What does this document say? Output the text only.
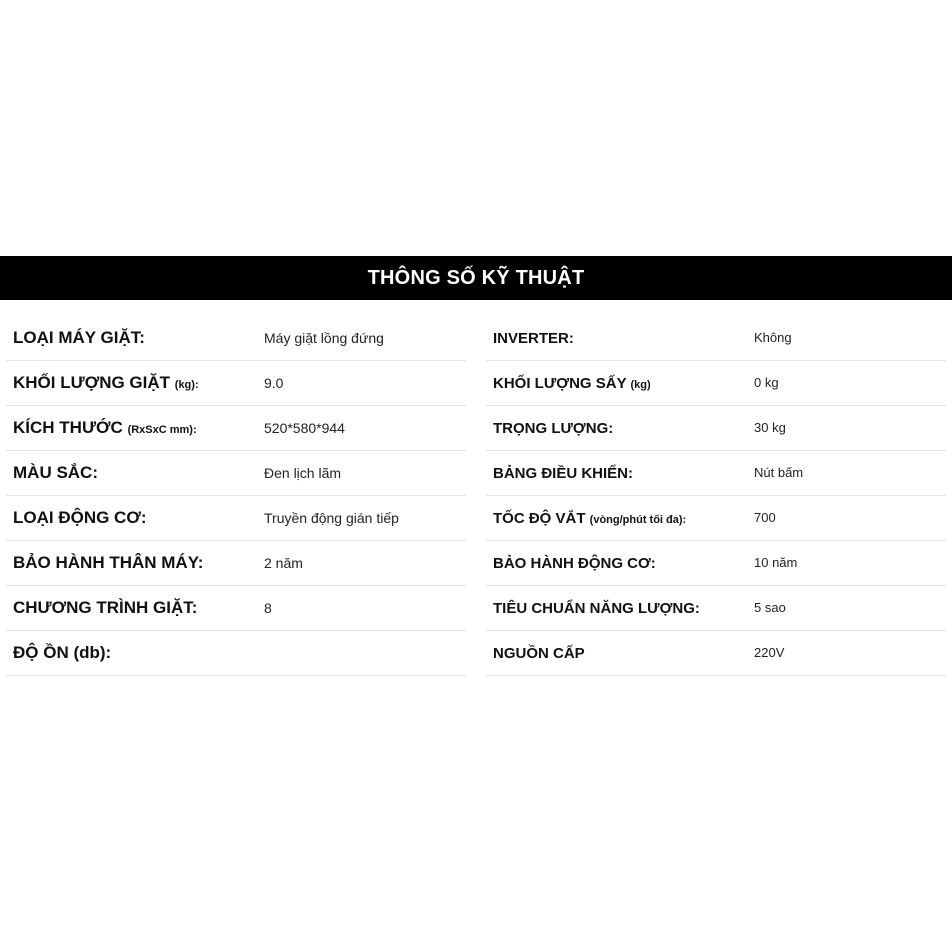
THÔNG SỐ KỸ THUẬT
LOẠI MÁY GIẶT:	Máy giặt lồng đứng
KHỐI LƯỢNG GIẶT (kg):	9.0
KÍCH THƯỚC (RxSxC mm):	520*580*944
MÀU SẮC:	Đen lịch lãm
LOẠI ĐỘNG CƠ:	Truyền động gián tiếp
BẢO HÀNH THÂN MÁY:	2 năm
CHƯƠNG TRÌNH GIẶT:	8
ĐỘ ỒN (db):
INVERTER:	Không
KHỐI LƯỢNG SẤY (kg)	0 kg
TRỌNG LƯỢNG:	30 kg
BẢNG ĐIỀU KHIỂN:	Nút bấm
TỐC ĐỘ VẮT (vòng/phút tối đa):	700
BẢO HÀNH ĐỘNG CƠ:	10 năm
TIÊU CHUẨN NĂNG LƯỢNG:	5 sao
NGUỒN CẤP	220V
